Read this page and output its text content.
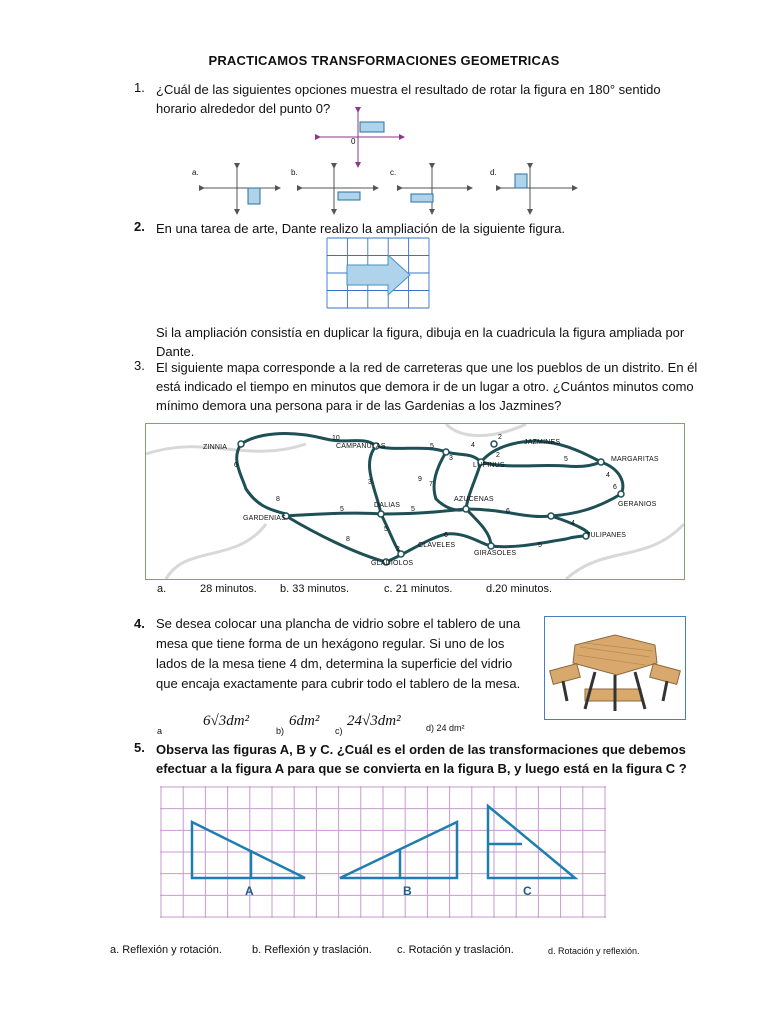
PRACTICAMOS TRANSFORMACIONES GEOMETRICAS
1. ¿Cuál de las siguientes opciones muestra el resultado de rotar la figura en 180° sentido horario alrededor del punto 0?
0
a.	b.	c.	d.
2. En una tarea de arte, Dante realizo la ampliación de la siguiente figura.
Si la ampliación consistía en duplicar la figura, dibuja en la cuadricula la figura ampliada por Dante.
3. El siguiente mapa corresponde a la red de carreteras que une los pueblos de un distrito. En él está indicado el tiempo en minutos que demora ir de un lugar a otro. ¿Cuántos minutos como mínimo demora una persona para ir de las Gardenias a los Jazmines?
ZINNIA	CAMPANULAS
JAZMINES
MARGARITAS
LUPINUS
GERANIOS
GARDENIAS
DALIAS
AZUCENAS
TULIPANES
CLAVELES
GIRASOLES
GLADIOLOS
10
5
3
2
4
6
2
9
7
5
6
8
5	5	6
6
4
5
3
2
5
8
4
a.	28 minutos. b. 33 minutos.	c. 21 minutos.	d.20 minutos.
4. Se desea colocar una plancha de vidrio sobre el tablero de una mesa que tiene forma de un hexágono regular. Si uno de los lados de la mesa tiene 4 dm, determina la superficie del vidrio que encaja exactamente para cubrir todo el tablero de la mesa.
a
6√3dm²
b)
6dm²
c)
24√3dm²	d) 24 dm²
5. Observa las figuras A, B y C. ¿Cuál es el orden de las transformaciones que debemos efectuar a la figura A para que se convierta en la figura B, y luego está en la figura C ?
A	B	C
a. Reflexión y rotación.	b. Reflexión y traslación. c. Rotación y traslación.	d. Rotación y reflexión.
